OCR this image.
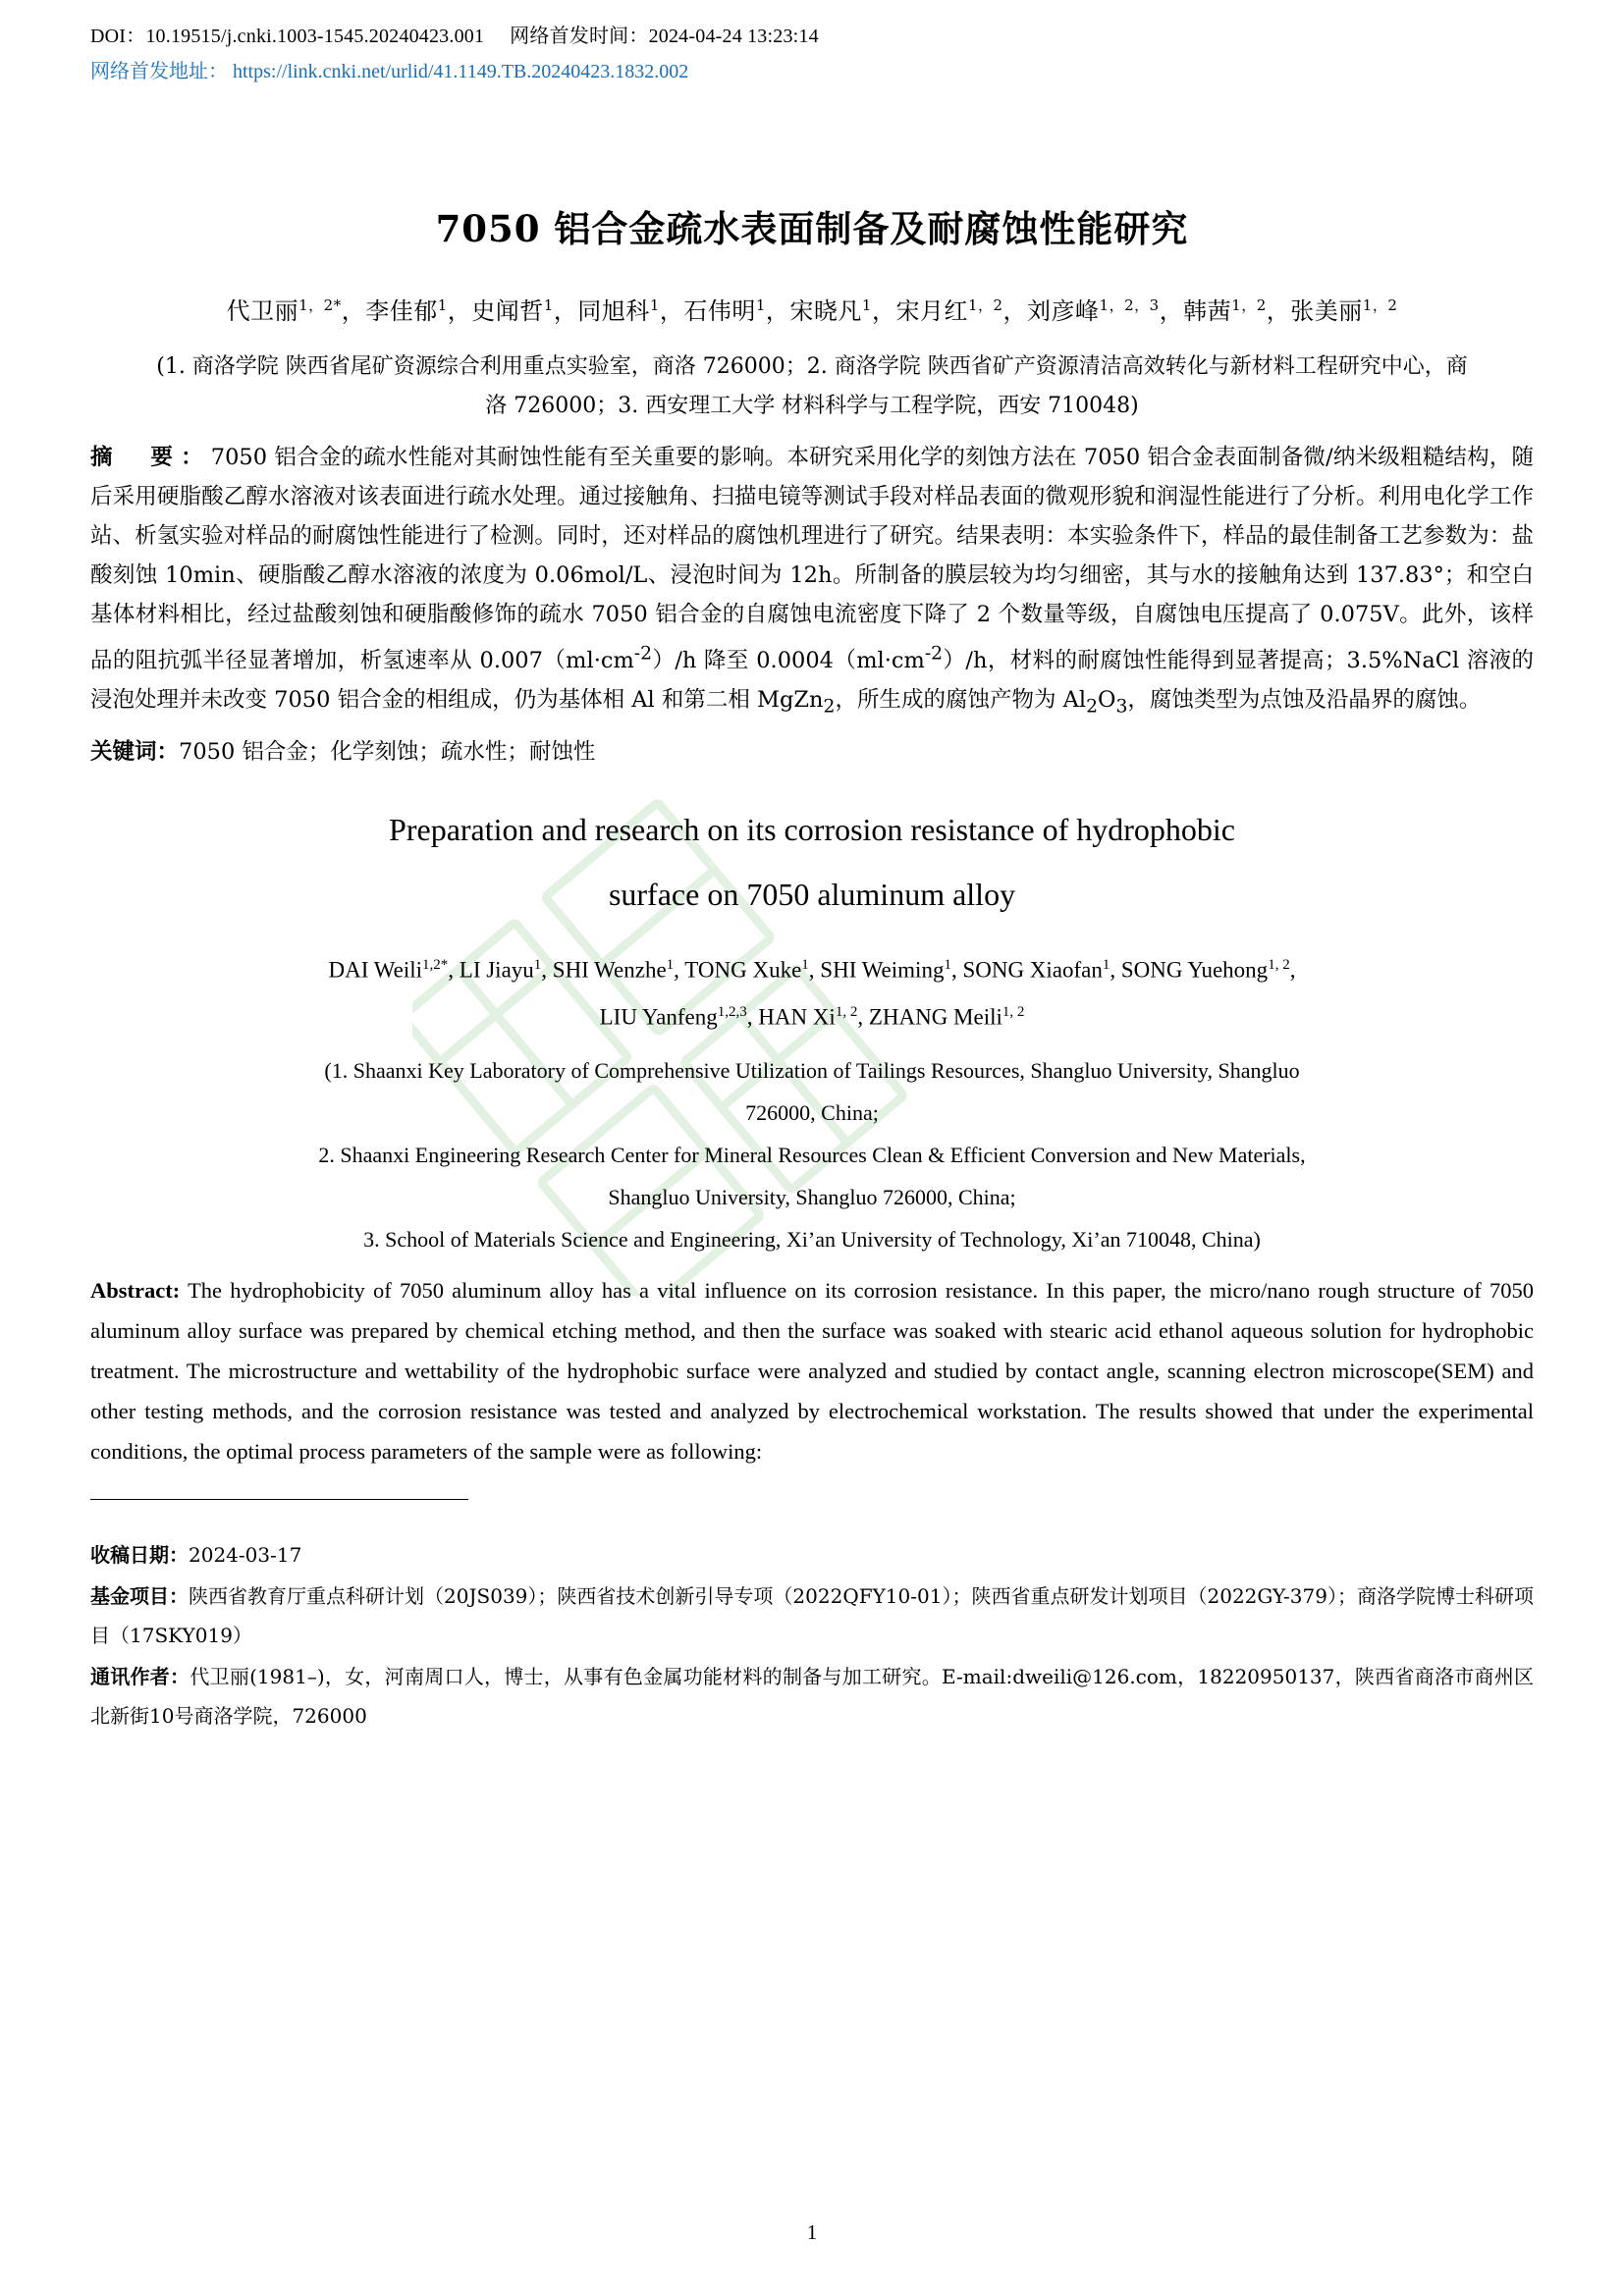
DOI：10.19515/j.cnki.1003-1545.20240423.001 网络首发时间：2024-04-24 13:23:14
网络首发地址： https://link.cnki.net/urlid/41.1149.TB.20240423.1832.002
7050 铝合金疏水表面制备及耐腐蚀性能研究
代卫丽$^{1,2*}$，李佳郁$^1$，史闻哲$^1$，同旭科$^1$，石伟明$^1$，宋晓凡$^1$，宋月红$^{1,2}$，刘彦峰$^{1,2,3}$，韩茜$^{1,2}$，张美丽$^{1,2}$
(1. 商洛学院 陕西省尾矿资源综合利用重点实验室，商洛 726000；2. 商洛学院 陕西省矿产资源清洁高效转化与新材料工程研究中心，商洛 726000；3. 西安理工大学 材料科学与工程学院，西安 710048)
摘　要：7050 铝合金的疏水性能对其耐蚀性能有至关重要的影响。本研究采用化学的刻蚀方法在 7050 铝合金表面制备微/纳米级粗糙结构，随后采用硬脂酸乙醇水溶液对该表面进行疏水处理。通过接触角、扫描电镜等测试手段对样品表面的微观形貌和润湿性能进行了分析。利用电化学工作站、析氢实验对样品的耐腐蚀性能进行了检测。同时，还对样品的腐蚀机理进行了研究。结果表明：本实验条件下，样品的最佳制备工艺参数为：盐酸刻蚀 10min、硬脂酸乙醇水溶液的浓度为 0.06mol/L、浸泡时间为 12h。所制备的膜层较为均匀细密，其与水的接触角达到 137.83°；和空白基体材料相比，经过盐酸刻蚀和硬脂酸修饰的疏水 7050 铝合金的自腐蚀电流密度下降了 2 个数量等级，自腐蚀电压提高了 0.075V。此外，该样品的阻抗弧半径显著增加，析氢速率从 $0.007(ml\cdot cm^{-2})/h$ 降至 $0.0004(ml\cdot cm^{-2})/h$，材料的耐腐蚀性能得到显著提高；3.5%NaCl 溶液的浸泡处理并未改变 7050 铝合金的相组成，仍为基体相 Al 和第二相 MgZn$_2$，所生成的腐蚀产物为 $Al_2O_3$，腐蚀类型为点蚀及沿晶界的腐蚀。
关键词：7050 铝合金；化学刻蚀；疏水性；耐蚀性
Preparation and research on its corrosion resistance of hydrophobic
surface on 7050 aluminum alloy
DAI Weili$^{1,2*}$, LI Jiayu$^1$, SHI Wenzhe$^1$, TONG Xuke$^1$, SHI Weiming$^1$, SONG Xiaofan$^1$, SONG Yuehong$^{1, 2}$,
LIU Yanfeng$^{1,2,3}$, HAN Xi$^{1, 2}$, ZHANG Meili$^{1, 2}$
(1. Shaanxi Key Laboratory of Comprehensive Utilization of Tailings Resources, Shangluo University, Shangluo
726000, China;
2. Shaanxi Engineering Research Center for Mineral Resources Clean & Efficient Conversion and New Materials,
Shangluo University, Shangluo 726000, China;
3. School of Materials Science and Engineering, Xi’an University of Technology, Xi’an 710048, China)
Abstract: The hydrophobicity of 7050 aluminum alloy has a vital influence on its corrosion resistance. In this paper, the micro/nano rough structure of 7050 aluminum alloy surface was prepared by chemical etching method, and then the surface was soaked with stearic acid ethanol aqueous solution for hydrophobic treatment. The microstructure and wettability of the hydrophobic surface were analyzed and studied by contact angle, scanning electron microscope(SEM) and other testing methods, and the corrosion resistance was tested and analyzed by electrochemical workstation. The results showed that under the experimental conditions, the optimal process parameters of the sample were as following:

收稿日期：2024-03-17

基金项目：陕西省教育厅重点科研计划（20JS039）；陕西省技术创新引导专项（2022QFY10-01）；陕西省重点研发计划项目（2022GY-379）；商洛学院博士科研项目（17SKY019）

通讯作者：代卫丽(1981–)，女，河南周口人，博士，从事有色金属功能材料的制备与加工研究。E-mail:dweili@126.com，18220950137，陕西省商洛市商州区北新街10号商洛学院，726000

1
